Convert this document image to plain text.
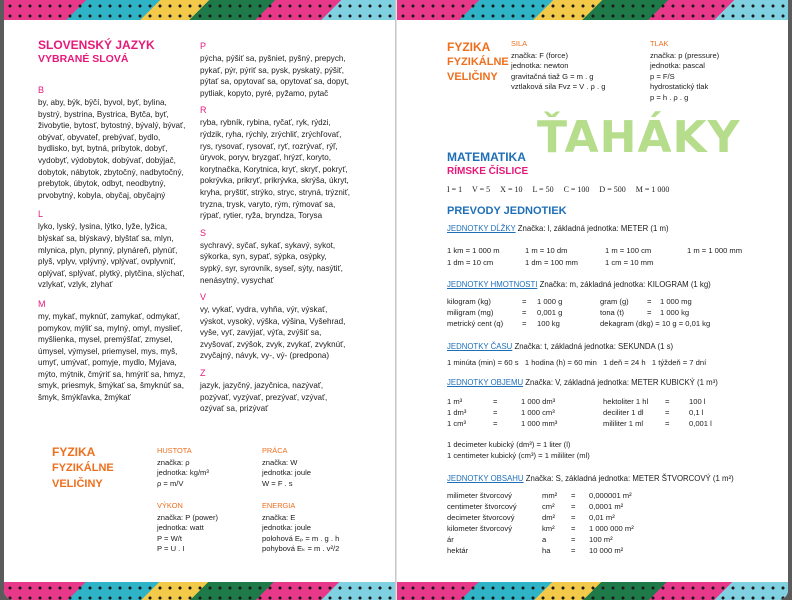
SLOVENSKÝ JAZYK
VYBRANÉ SLOVÁ
B
by, aby, býk, bÿčí, byvol, byť, bylina, bystrý, bystrina, Bystrica, Bytča, byť, živobytie, bytosť, bytostný, bývalý, bývať, obývať, obyvateľ, prebývať, bydlo, bydlisko, byt, bytná, príbytok, dobyť, vydobyť, výdobytok, dobývať, dobýjač, dobytok, nábytok, zbytočný, nadbytočný, prebytok, úbytok, odbyt, neodbytný, prvobytný, kobyla, obyčaj, obyčajný
L
lyko, lyský, lysina, lýtko, lyže, lyžica, blýskať sa, blýskavý, blyštať sa, mlyn, mlynica, plyn, plynný, plynáreň, plynúť, plyš, vplyv, vplývný, vplývať, ovplyvniť, oplývať, splývať, plytký, plytčina, slýchať, vzlykať, vzlyk, zlyhať
M
my, mykať, myknúť, zamykať, odmykať, pomykov, mýliť sa, mylný, omyl, myslieť, myšlienka, mysel, premýšľať, zmysel, úmysel, výmysel, priemysel, mys, myš, umyť, umývať, pomyje, mydlo, Myjava, mýto, mýtnik, čmýriť sa, hmýriť sa, hmyz, smyk, priesmyk, šmýkať sa, šmyknúť sa, šmyk, šmýkľavka, žmýkať
P
pýcha, pýšiť sa, pyšniet, pyšný, prepych, pykať, pýr, pýriť sa, pysk, pyskatý, pýšiť, pýtať sa, opytovať sa, opytovať sa, dopyt, pytliak, kopyto, pyré, pyžamo, pytač
R
ryba, rybník, rybina, ryčať, ryk, rýdzi, rýdzik, ryha, rýchly, zrýchliť, zrýchľovať, rys, rysovať, rysovať, ryť, rozrývať, rýľ, úryvok, poryv, bryzgať, hrýzť, koryto, korytnačka, Korytnica, kryť, skryť, pokryť, pokrývka, prikryť, prikrývka, skrýša, úkryt, kryha, pryštiť, strýko, stryc, stryná, trýzniť, tryzna, trysk, varyto, rým, rýmovať sa, rýpať, rytier, ryža, bryndza, Torysa
S
sychravý, syčať, sykať, sykavý, sykot, sýkorka, syn, sypať, sýpka, osýpky, sypký, syr, syrovník, syseľ, sýty, nasýtiť, nenásytný, vysychať
V
vy, vykať, vydra, vyhňa, výr, výskať, výskot, vysoký, výška, výšina, Vyšehrad, vyše, vyť, zavýjať, výťa, zvýšiť sa, zvyšovať, zvýšok, zvyk, zvykať, zvyknúť, zvyčajný, návyk, vy-, vý- (predpona)
Z
jazyk, jazyčný, jazyčnica, nazývať, pozývať, vyzývať, prezývať, vzývať, ozývať sa, prizývať
FYZIKA
FYZIKÁLNE
VELIČINY
HUSTOTA
značka: ρ
jednotka: kg/m³
ρ = m/V
PRÁCA
značka: W
jednotka: joule
W = F . s
VÝKON
značka: P (power)
jednotka: watt
P = W/t
P = U . I
ENERGIA
značka: E
jednotka: joule
polohová Eₚ = m . g . h
pohybová Eₖ = m . v²/2
FYZIKA
FYZIKÁLNE
VELIČINY
SILA
značka: F (force)
jednotka: newton
gravitačná tiaž G = m . g
vztlaková sila Fvz = V . ρ . g
TLAK
značka: p (pressure)
jednotka: pascal
p = F/S
hydrostatický tlak
p = h . ρ . g
ŤAHÁKY
MATEMATIKA
RÍMSKE ČÍSLICE
I = 1     V = 5     X = 10     L = 50     C = 100     D = 500     M = 1 000
PREVODY JEDNOTIEK
JEDNOTKY DĹŽKY Značka: l, základná jednotka: METER (1 m)
1 km = 1 000 m	1 m = 10 dm	1 m = 100 cm	1 m = 1 000 mm
1 dm = 10 cm	1 dm = 100 mm	1 cm = 10 mm
JEDNOTKY HMOTNOSTI Značka: m, základná jednotka: KILOGRAM (1 kg)
kilogram (kg)	= 1 000 g	gram (g) = 1 000 mg
miligram (mg)	= 0,001 g	tona (t)	= 1 000 kg
metrický cent (q) = 100 kg	dekagram (dkg) = 10 g = 0,01 kg
JEDNOTKY ČASU Značka: t, základná jednotka: SEKUNDA (1 s)
1 minúta (min) = 60 s   1 hodina (h) = 60 min   1 deň = 24 h   1 týždeň = 7 dní
JEDNOTKY OBJEMU Značka: V, základná jednotka: METER KUBICKÝ (1 m³)
1 m³	=	1 000 dm³	hektoliter 1 hl =	100 l
1 dm³	=	1 000 cm³	deciliter 1 dl	=	0,1 l
1 cm³	=	1 000 mm³	mililiter 1 ml	=	0,001 l
1 decimeter kubický (dm³) = 1 liter (l)
1 centimeter kubický (cm³) = 1 mililiter (ml)
JEDNOTKY OBSAHU Značka: S, základná jednotka: METER ŠTVORCOVÝ (1 m²)
milimeter štvorcový	mm² = 0,000001 m²
centimeter štvorcový	cm² = 0,0001 m²
decimeter štvorcový	dm² = 0,01 m²
kilometer štvorcový	km² = 1 000 000 m²
ár	a	= 100 m²
hektár	ha	= 10 000 m²
